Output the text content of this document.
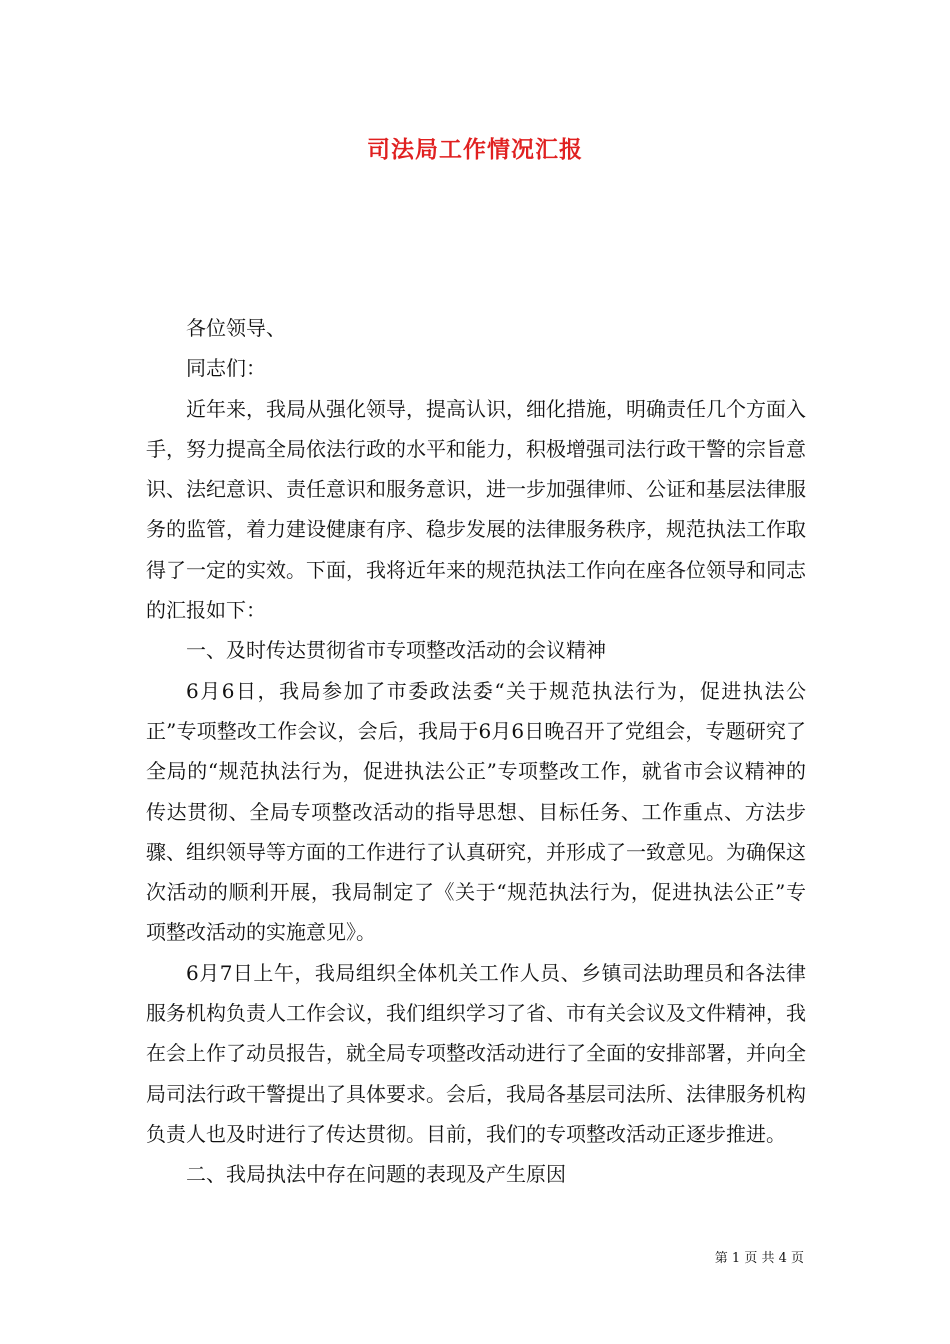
司法局工作情况汇报

各位领导、

同志们：

近年来，我局从强化领导，提高认识，细化措施，明确责任几个方面入手，努力提高全局依法行政的水平和能力，积极增强司法行政干警的宗旨意识、法纪意识、责任意识和服务意识，进一步加强律师、公证和基层法律服务的监管，着力建设健康有序、稳步发展的法律服务秩序，规范执法工作取得了一定的实效。下面，我将近年来的规范执法工作向在座各位领导和同志的汇报如下：

一、及时传达贯彻省市专项整改活动的会议精神

6月6日，我局参加了市委政法委“关于规范执法行为，促进执法公正”专项整改工作会议，会后，我局于6月6日晚召开了党组会，专题研究了全局的“规范执法行为，促进执法公正”专项整改工作，就省市会议精神的传达贯彻、全局专项整改活动的指导思想、目标任务、工作重点、方法步骤、组织领导等方面的工作进行了认真研究，并形成了一致意见。为确保这次活动的顺利开展，我局制定了《关于“规范执法行为，促进执法公正”专项整改活动的实施意见》。

6月7日上午，我局组织全体机关工作人员、乡镇司法助理员和各法律服务机构负责人工作会议，我们组织学习了省、市有关会议及文件精神，我在会上作了动员报告，就全局专项整改活动进行了全面的安排部署，并向全局司法行政干警提出了具体要求。会后，我局各基层司法所、法律服务机构负责人也及时进行了传达贯彻。目前，我们的专项整改活动正逐步推进。

二、我局执法中存在问题的表现及产生原因

第 1 页 共 4 页
